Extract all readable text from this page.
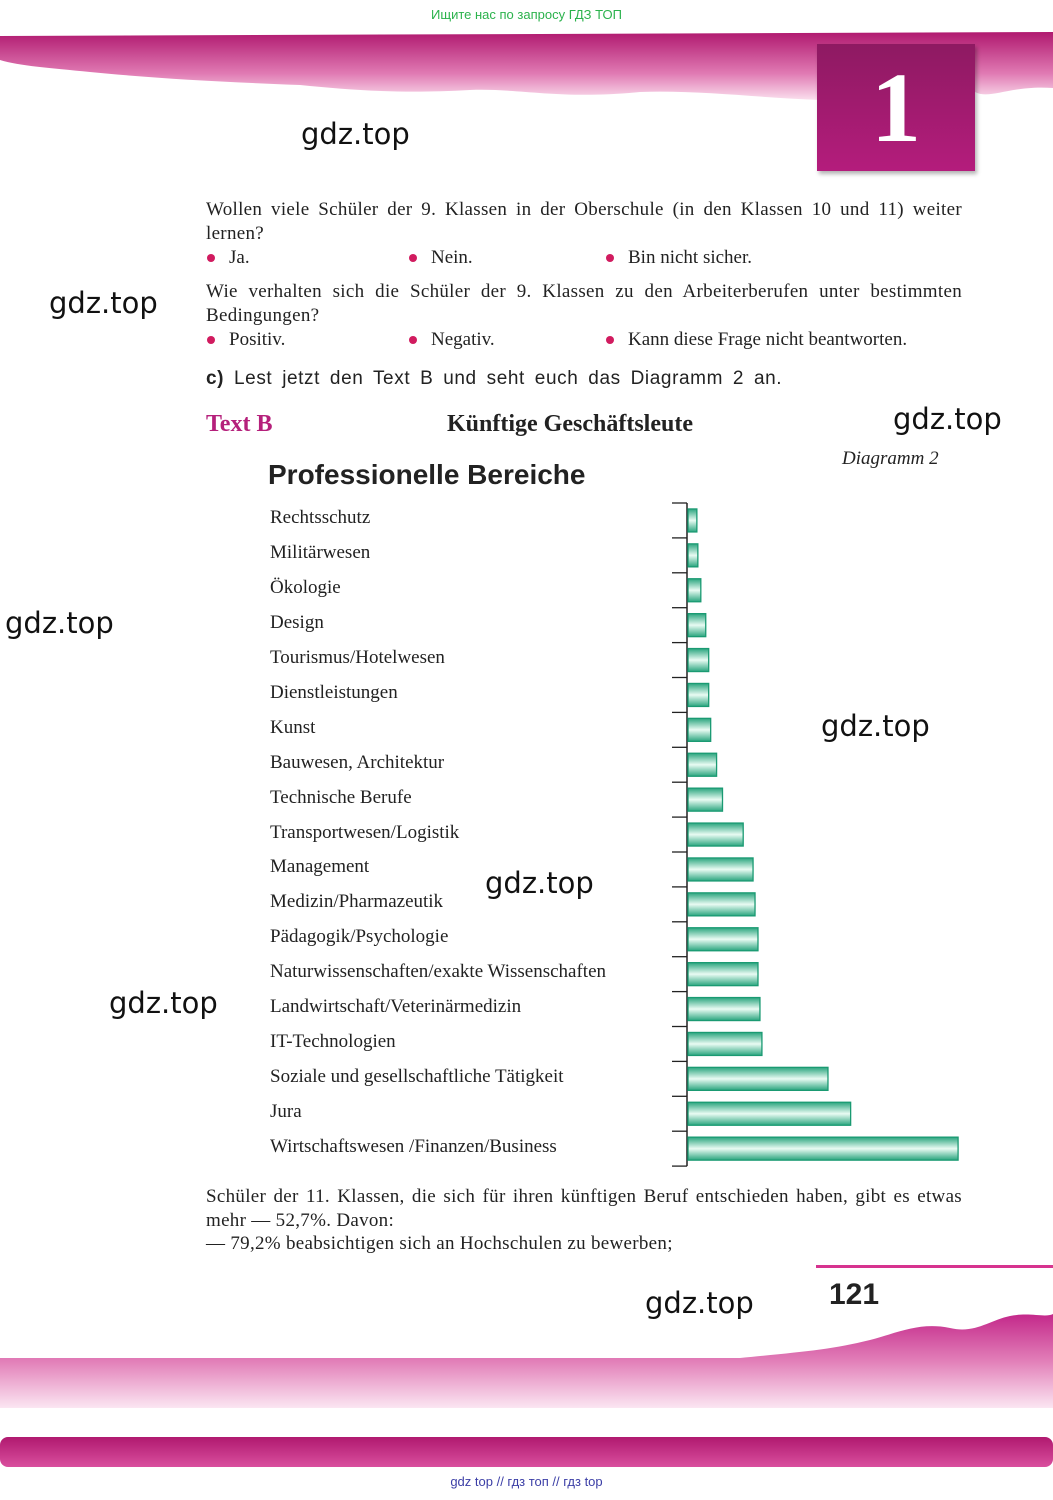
Ищите нас по запросу ГДЗ ТОП
1
gdz.top
gdz.top
gdz.top
gdz.top
gdz.top
gdz.top
gdz.top
gdz.top
Wollen viele Schüler der 9. Klassen in der Oberschule (in den Klassen 10 und 11) weiter lernen?
Ja.	Nein.	Bin nicht sicher.
Wie verhalten sich die Schüler der 9. Klassen zu den Arbeiterberufen unter bestimmten Bedingungen?
Positiv.	Negativ.	Kann diese Frage nicht beantworten.
c) Lest jetzt den Text B und seht euch das Diagramm 2 an.
Text B	Künftige Geschäftsleute
Diagramm 2
Professionelle Bereiche
Rechtsschutz
Militärwesen
Ökologie
Design
Tourismus/Hotelwesen
Dienstleistungen
Kunst
Bauwesen, Architektur
Technische Berufe
Transportwesen/Logistik
Management
Medizin/Pharmazeutik
Pädagogik/Psychologie
Naturwissenschaften/exakte Wissenschaften
Landwirtschaft/Veterinärmedizin
IT-Technologien
Soziale und gesellschaftliche Tätigkeit
Jura
Wirtschaftswesen /Finanzen/Business
Schüler der 11. Klassen, die sich für ihren künftigen Beruf entschieden haben, gibt es etwas mehr — 52,7%. Davon:
— 79,2% beabsichtigen sich an Hochschulen zu bewerben;
121
gdz top // гдз топ // гдз top
